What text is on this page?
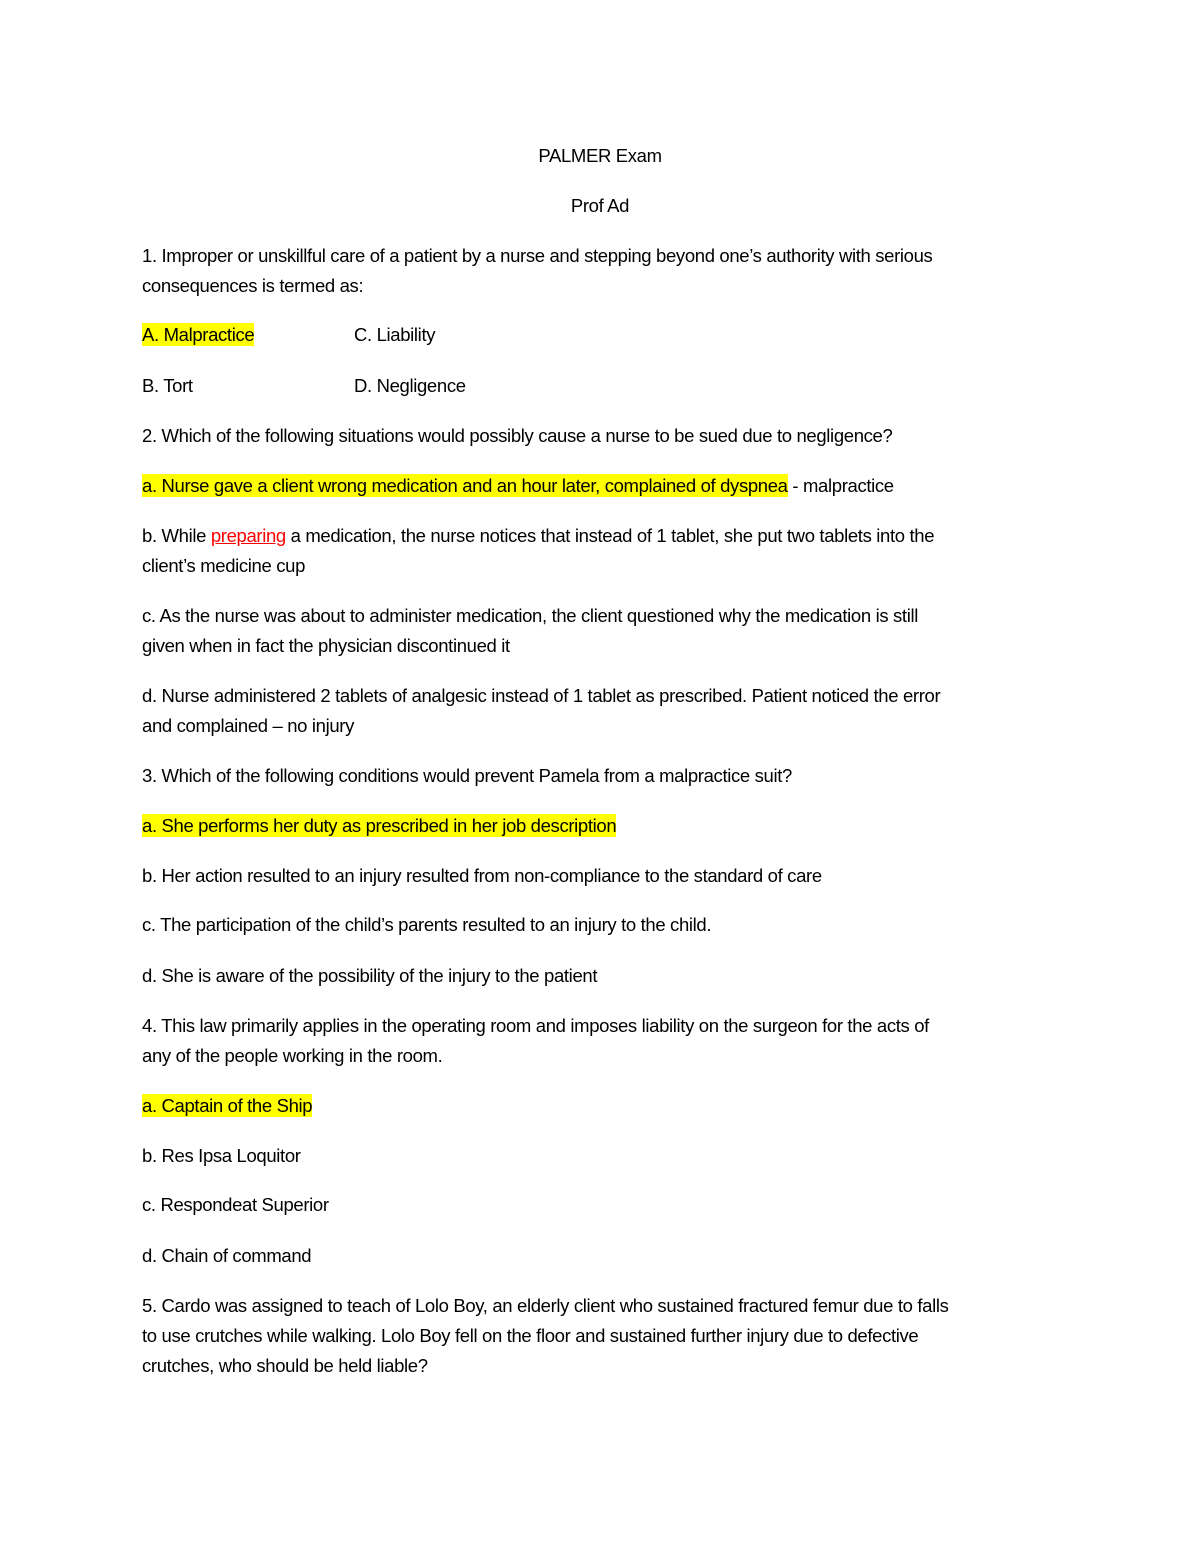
PALMER Exam
Prof Ad
1. Improper or unskillful care of a patient by a nurse and stepping beyond one’s authority with serious
consequences is termed as:
A. Malpractice	C. Liability
B. Tort	D. Negligence
2. Which of the following situations would possibly cause a nurse to be sued due to negligence?
a. Nurse gave a client wrong medication and an hour later, complained of dyspnea - malpractice
b. While preparing a medication, the nurse notices that instead of 1 tablet, she put two tablets into the
client’s medicine cup
c. As the nurse was about to administer medication, the client questioned why the medication is still
given when in fact the physician discontinued it
d. Nurse administered 2 tablets of analgesic instead of 1 tablet as prescribed. Patient noticed the error
and complained – no injury
3. Which of the following conditions would prevent Pamela from a malpractice suit?
a. She performs her duty as prescribed in her job description
b. Her action resulted to an injury resulted from non-compliance to the standard of care
c. The participation of the child’s parents resulted to an injury to the child.
d. She is aware of the possibility of the injury to the patient
4. This law primarily applies in the operating room and imposes liability on the surgeon for the acts of
any of the people working in the room.
a. Captain of the Ship
b. Res Ipsa Loquitor
c. Respondeat Superior
d. Chain of command
5. Cardo was assigned to teach of Lolo Boy, an elderly client who sustained fractured femur due to falls
to use crutches while walking. Lolo Boy fell on the floor and sustained further injury due to defective
crutches, who should be held liable?
